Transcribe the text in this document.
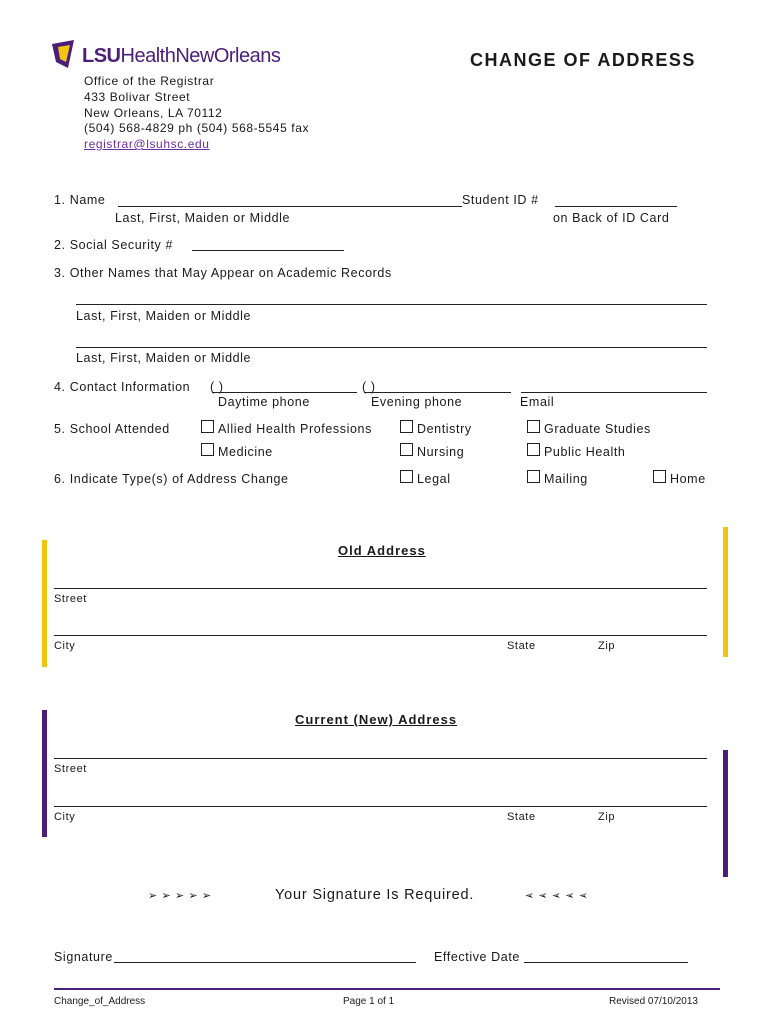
LSUHealthNewOrleans	CHANGE OF ADDRESS
Office of the Registrar
433 Bolivar Street
New Orleans, LA 70112
(504) 568-4829 ph (504) 568-5545 fax
registrar@lsuhsc.edu
1. Name
Last, First, Maiden or Middle
Student ID #
on Back of ID Card
2. Social Security #
3. Other Names that May Appear on Academic Records
Last, First, Maiden or Middle
Last, First, Maiden or Middle
4. Contact Information ( )	( )
Daytime phone	Evening phone	Email
5. School Attended	Allied Health Professions	Dentistry	Graduate Studies
Medicine	Nursing	Public Health
6. Indicate Type(s) of Address Change	Legal	Mailing	Home
Old Address
Street
City	State	Zip
Current (New) Address
Street
City	State	Zip
➢ ➢ ➢ ➢ ➢	Your Signature Is Required.	➢ ➢ ➢ ➢ ➢
Signature	Effective Date
Change_of_Address	Page 1 of 1	Revised 07/10/2013
